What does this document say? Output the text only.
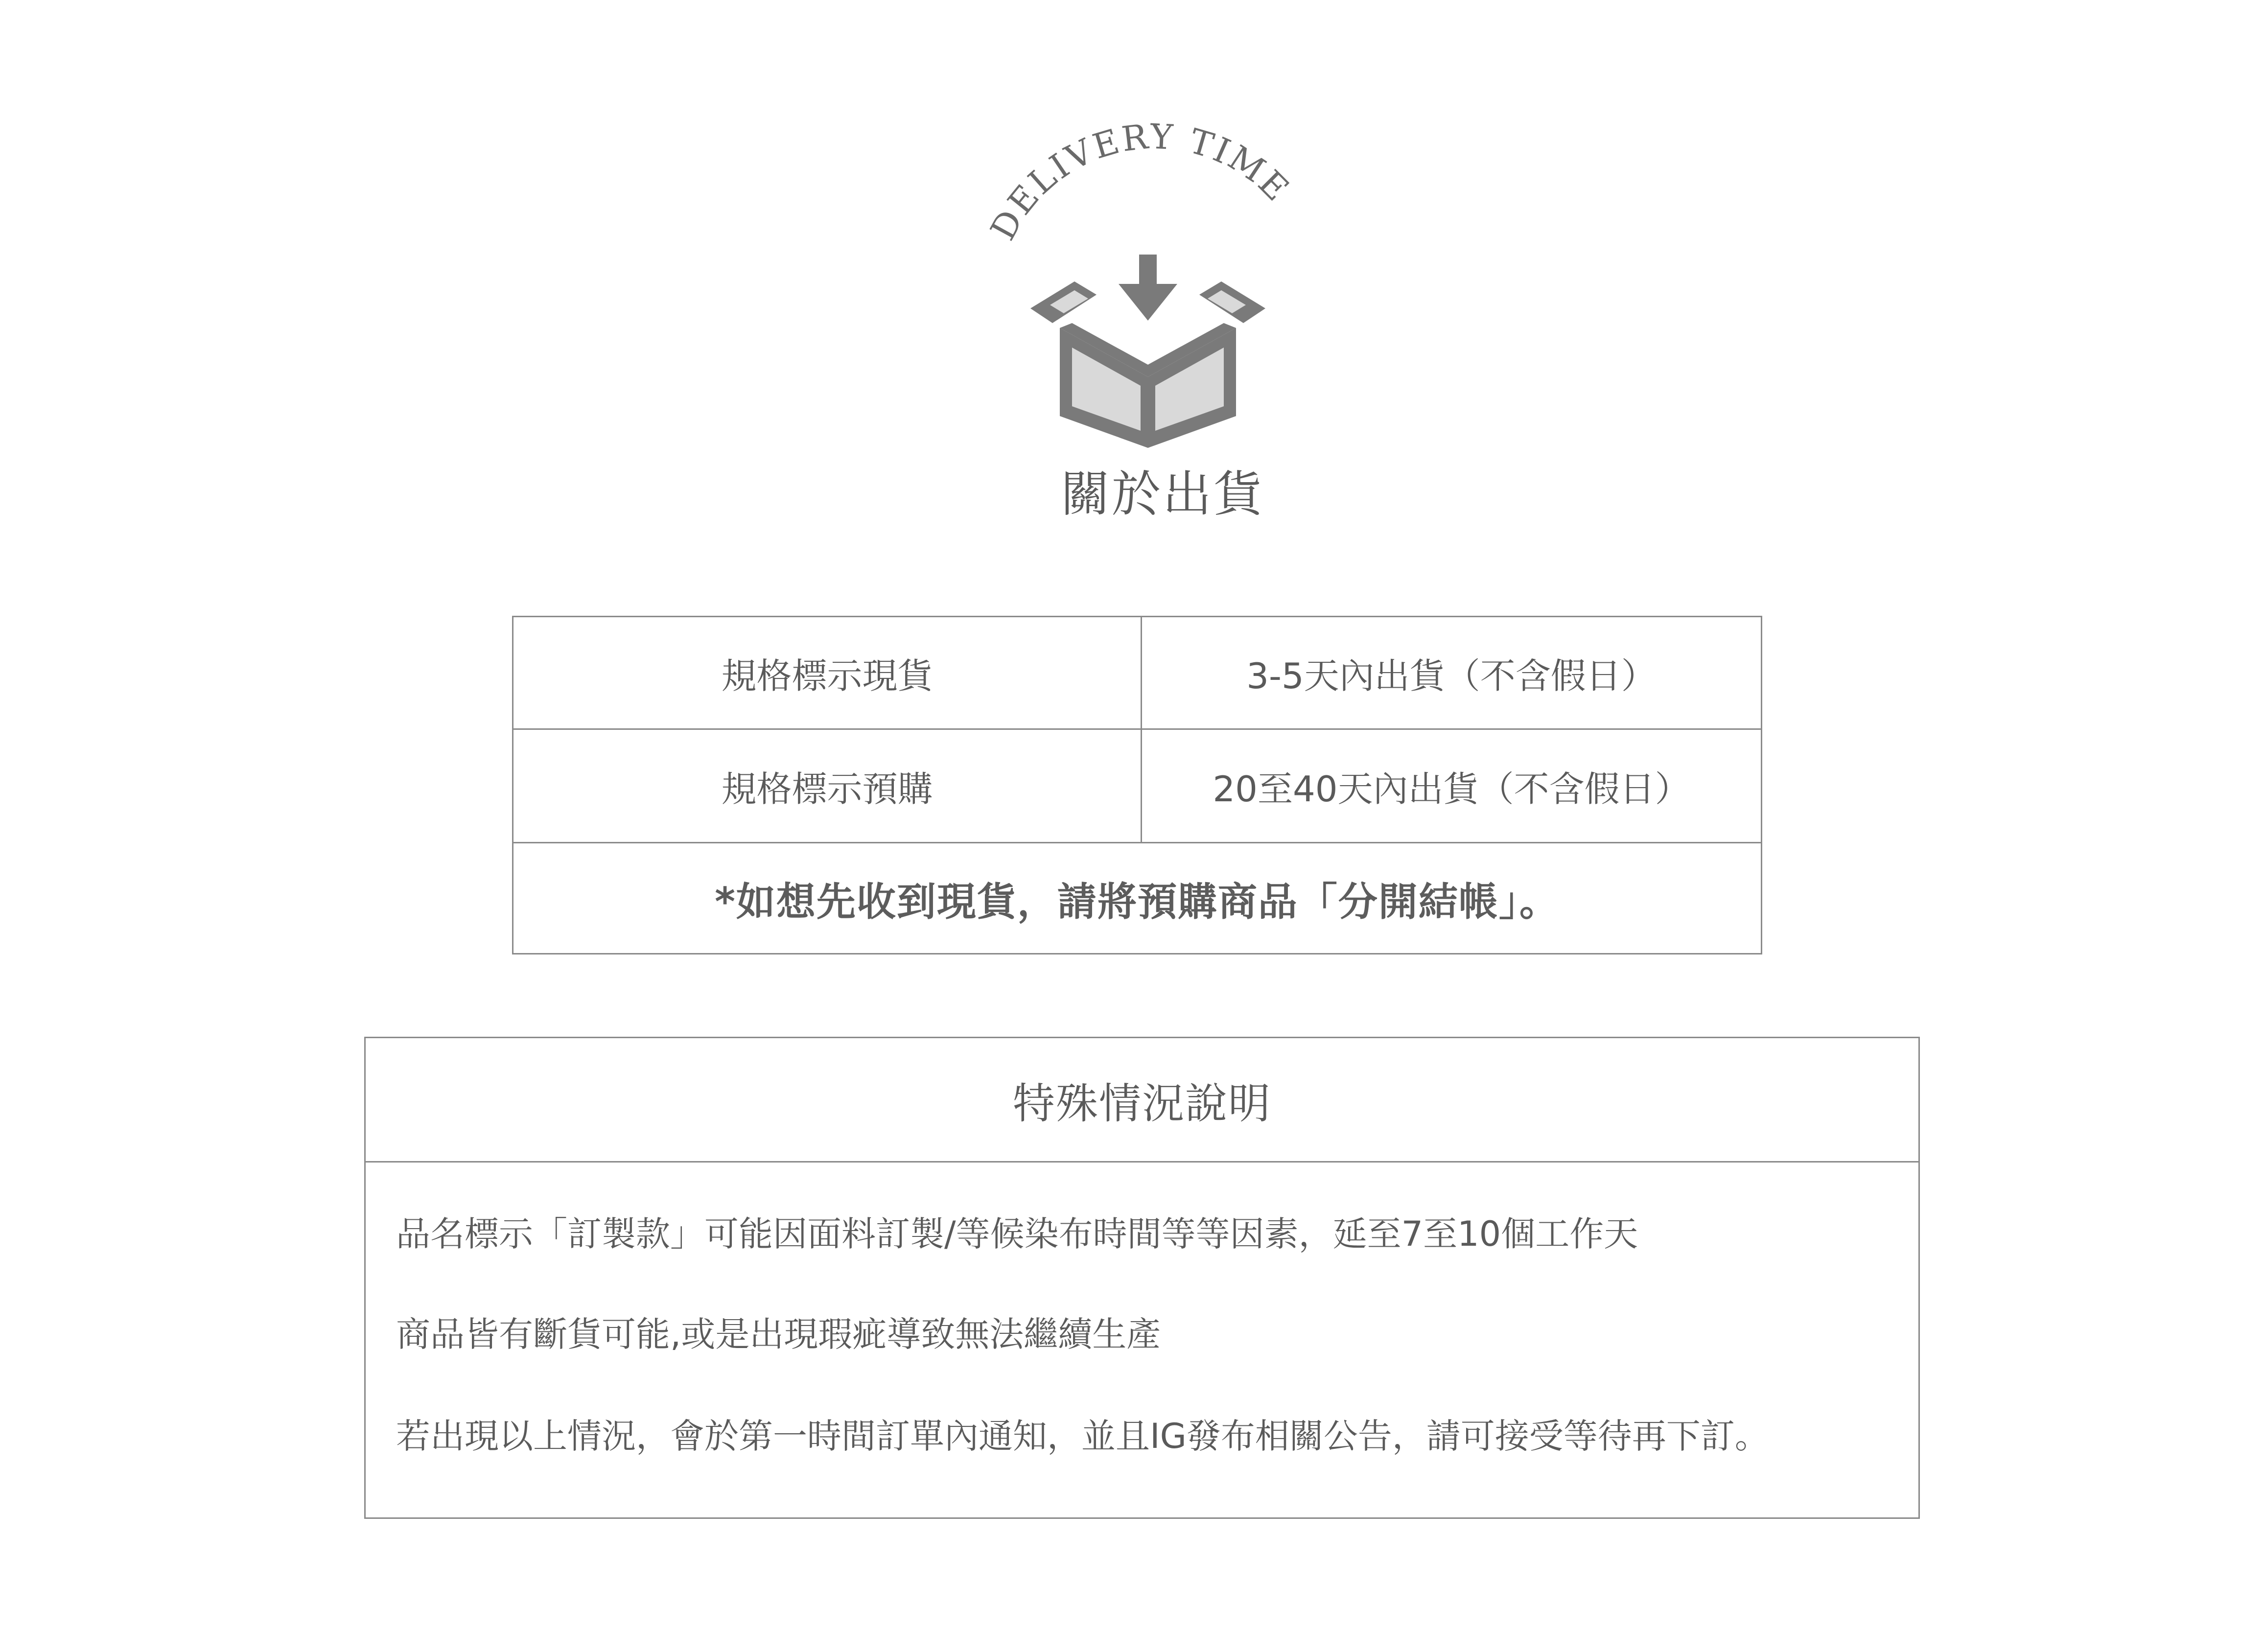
DELIVERY TIME
關於出貨
規格標示現貨	3-5天內出貨（不含假日）
規格標示預購	20至40天內出貨（不含假日）
*如想先收到現貨，請將預購商品「分開結帳」。
特殊情況說明
品名標示「訂製款」可能因面料訂製/等候染布時間等等因素，延至7至10個工作天
商品皆有斷貨可能,或是出現瑕疵導致無法繼續生產
若出現以上情況，會於第一時間訂單內通知，並且IG發布相關公告，請可接受等待再下訂。
